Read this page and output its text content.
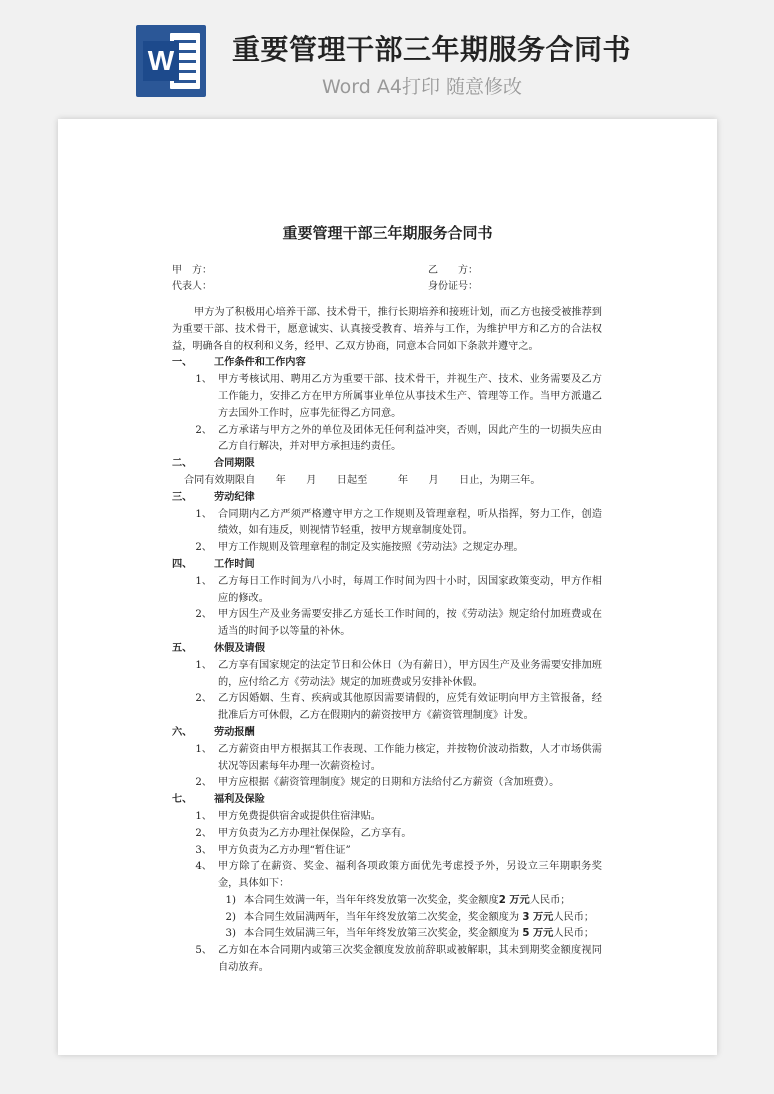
W 重要管理干部三年期服务合同书
Word A4打印 随意修改
重要管理干部三年期服务合同书
甲　方：	乙　　方：
代表人：	身份证号：

甲方为了积极用心培养干部、技术骨干，推行长期培养和接班计划，而乙方也接受被推荐到为重要干部、技术骨干，愿意诚实、认真接受教育、培养与工作，为维护甲方和乙方的合法权益，明确各自的权利和义务，经甲、乙双方协商，同意本合同如下条款并遵守之。

一、	工作条件和工作内容
1、 甲方考核试用、聘用乙方为重要干部、技术骨干，并视生产、技术、业务需要及乙方工作能力，安排乙方在甲方所属事业单位从事技术生产、管理等工作。当甲方派遣乙方去国外工作时，应事先征得乙方同意。
2、 乙方承诺与甲方之外的单位及团体无任何利益冲突，否则，因此产生的一切损失应由乙方自行解决，并对甲方承担违约责任。
二、	合同期限

合同有效期限自　　年　　月　　日起至　　　年　　月　　日止，为期三年。

三、	劳动纪律
1、 合同期内乙方严须严格遵守甲方之工作规则及管理章程，听从指挥，努力工作，创造绩效，如有违反，则视情节轻重，按甲方规章制度处罚。
2、 甲方工作规则及管理章程的制定及实施按照《劳动法》之规定办理。
四、	工作时间
1、 乙方每日工作时间为八小时，每周工作时间为四十小时，因国家政策变动，甲方作相应的修改。
2、 甲方因生产及业务需要安排乙方延长工作时间的，按《劳动法》规定给付加班费或在适当的时间予以等量的补休。
五、	休假及请假
1、 乙方享有国家规定的法定节日和公休日（为有薪日），甲方因生产及业务需要安排加班的，应付给乙方《劳动法》规定的加班费或另安排补休假。
2、 乙方因婚姻、生育、疾病或其他原因需要请假的，应凭有效证明向甲方主管报备，经批准后方可休假，乙方在假期内的薪资按甲方《薪资管理制度》计发。
六、	劳动报酬
1、 乙方薪资由甲方根据其工作表现、工作能力核定，并按物价波动指数，人才市场供需状况等因素每年办理一次薪资检讨。
2、 甲方应根据《薪资管理制度》规定的日期和方法给付乙方薪资（含加班费）。
七、	福利及保险
1、 甲方免费提供宿舍或提供住宿津贴。
2、 甲方负责为乙方办理社保保险，乙方享有。
3、 甲方负责为乙方办理“暂住证”
4、 甲方除了在薪资、奖金、福利各项政策方面优先考虑授予外，另设立三年期职务奖金，具体如下：
1) 本合同生效满一年，当年年终发放第一次奖金，奖金额度2 万元人民币；
2) 本合同生效届满两年，当年年终发放第二次奖金，奖金额度为 3 万元人民币；
3) 本合同生效届满三年，当年年终发放第三次奖金，奖金额度为 5 万元人民币；
5、 乙方如在本合同期内或第三次奖金额度发放前辞职或被解职，其未到期奖金额度视同自动放弃。
